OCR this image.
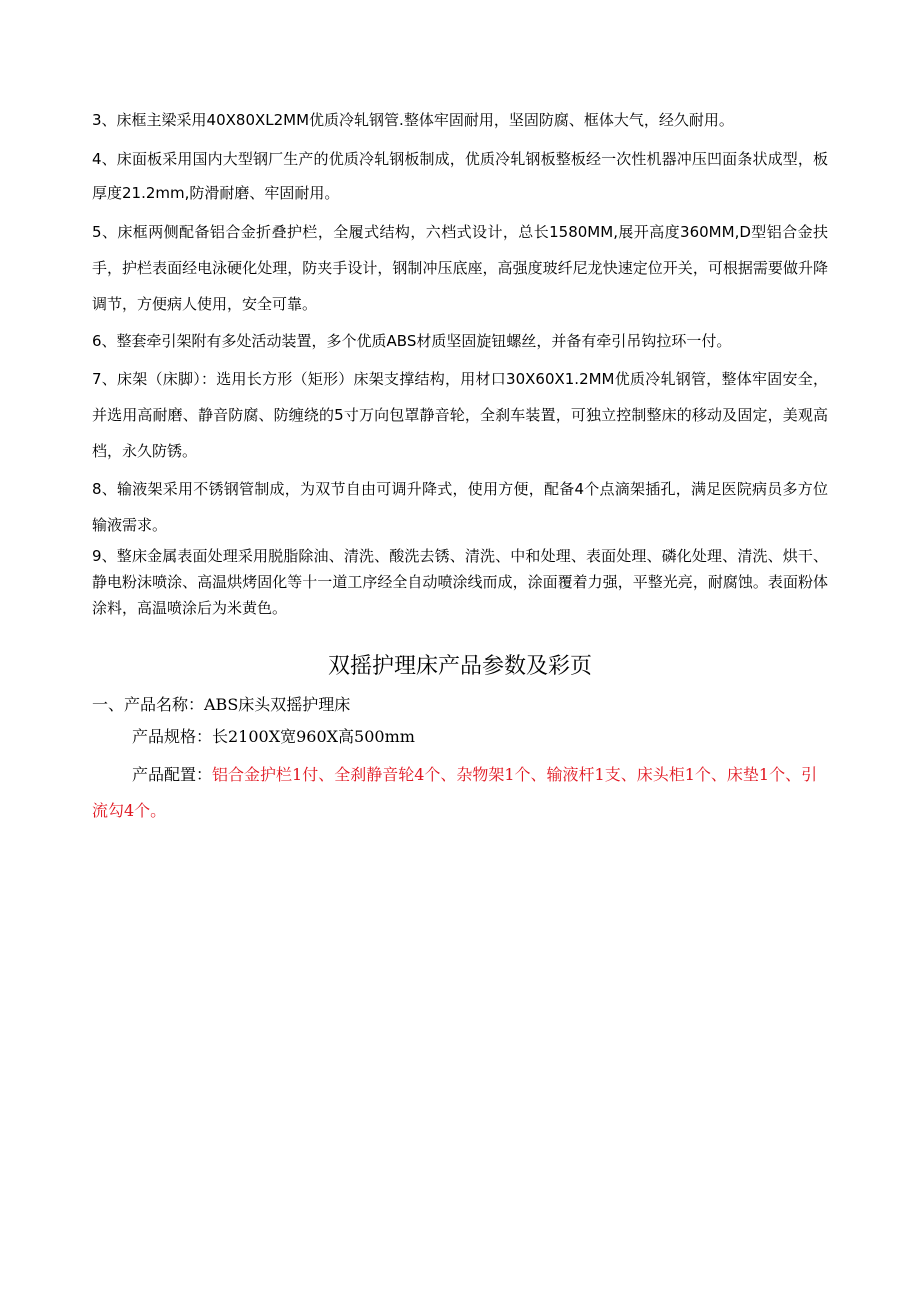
3、床框主梁采用40X80XL2MM优质冷轧钢管.整体牢固耐用，坚固防腐、框体大气，经久耐用。
4、床面板采用国内大型钢厂生产的优质冷轧钢板制成，优质冷轧钢板整板经一次性机器冲压凹面条状成型，板厚度21.2mm,防滑耐磨、牢固耐用。
5、床框两侧配备铝合金折叠护栏，全履式结构，六档式设计，总长1580MM,展开高度360MM,D型铝合金扶手，护栏表面经电泳硬化处理，防夹手设计，钢制冲压底座，高强度玻纤尼龙快速定位开关，可根据需要做升降调节，方便病人使用，安全可靠。
6、整套牵引架附有多处活动装置，多个优质ABS材质坚固旋钮螺丝，并备有牵引吊钩拉环一付。
7、床架（床脚）：选用长方形（矩形）床架支撑结构，用材口30X60X1.2MM优质冷轧钢管，整体牢固安全，并选用高耐磨、静音防腐、防缠绕的5寸万向包罩静音轮，全刹车装置，可独立控制整床的移动及固定，美观高档，永久防锈。
8、输液架采用不锈钢管制成，为双节自由可调升降式，使用方便，配备4个点滴架插孔，满足医院病员多方位输液需求。
9、整床金属表面处理采用脱脂除油、清洗、酸洗去锈、清洗、中和处理、表面处理、磷化处理、清洗、烘干、静电粉沫喷涂、高温烘烤固化等十一道工序经全自动喷涂线而成，涂面覆着力强，平整光亮，耐腐蚀。表面粉体涂料，高温喷涂后为米黄色。
双摇护理床产品参数及彩页

一、产品名称：ABS床头双摇护理床

产品规格：长2100X宽960X高500mm

产品配置：铝合金护栏1付、全刹静音轮4个、杂物架1个、输液杆1支、床头柜1个、床垫1个、引流勾4个。
